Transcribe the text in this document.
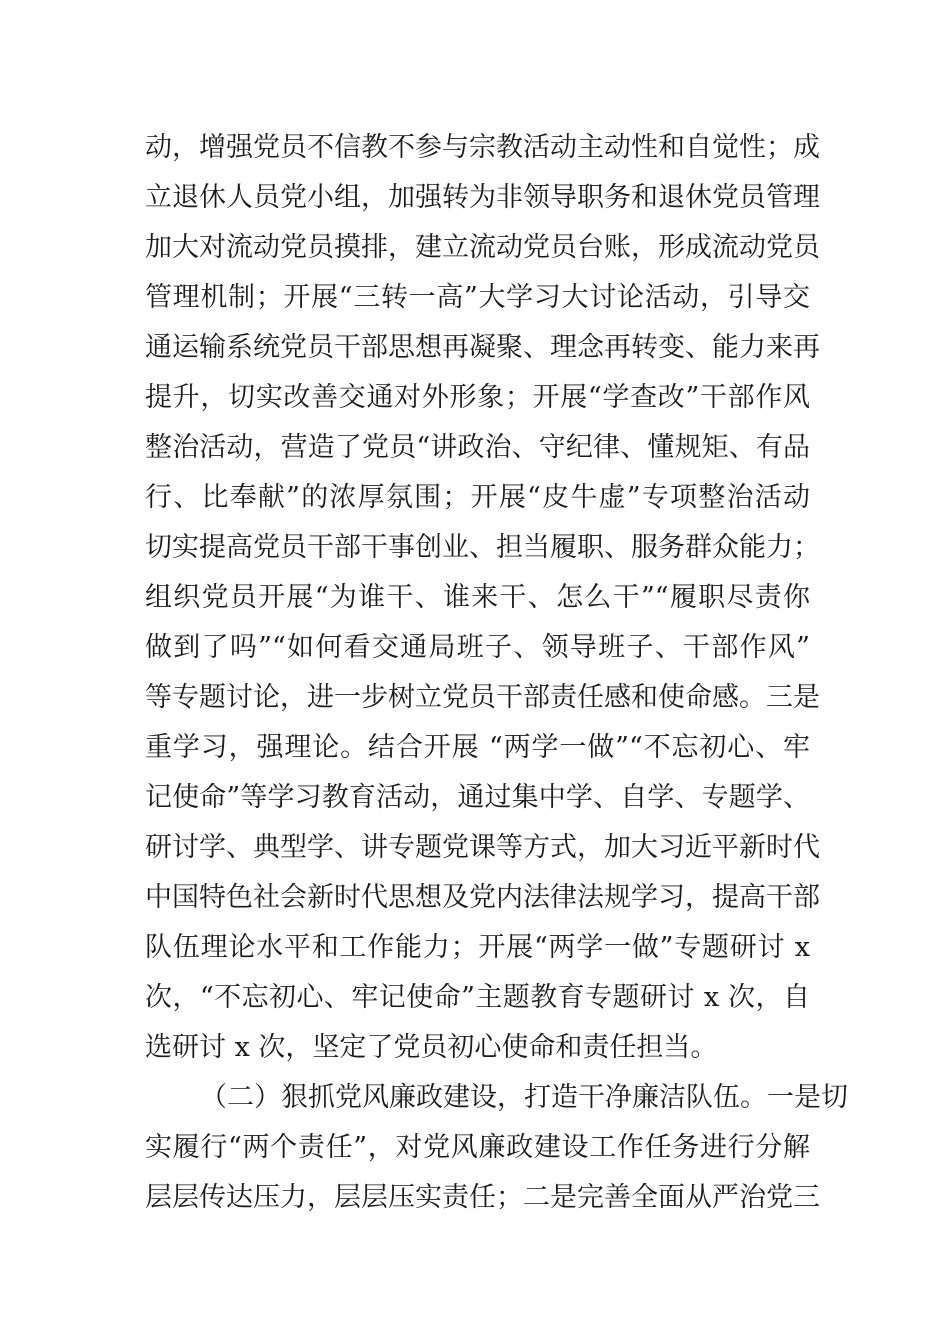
动，增强党员不信教不参与宗教活动主动性和自觉性；成
立退休人员党小组，加强转为非领导职务和退休党员管理
加大对流动党员摸排，建立流动党员台账，形成流动党员
管理机制；开展“三转一高”大学习大讨论活动，引导交
通运输系统党员干部思想再凝聚、理念再转变、能力来再
提升，切实改善交通对外形象；开展“学查改”干部作风
整治活动，营造了党员“讲政治、守纪律、懂规矩、有品
行、比奉献”的浓厚氛围；开展“皮牛虚”专项整治活动
切实提高党员干部干事创业、担当履职、服务群众能力；
组织党员开展“为谁干、谁来干、怎么干”“履职尽责你
做到了吗”“如何看交通局班子、领导班子、干部作风”
等专题讨论，进一步树立党员干部责任感和使命感。三是
重学习，强理论。结合开展 “两学一做”“不忘初心、牢
记使命”等学习教育活动，通过集中学、自学、专题学、
研讨学、典型学、讲专题党课等方式，加大习近平新时代
中国特色社会新时代思想及党内法律法规学习，提高干部
队伍理论水平和工作能力；开展“两学一做”专题研讨 x
次，“不忘初心、牢记使命”主题教育专题研讨 x 次，自
选研讨 x 次，坚定了党员初心使命和责任担当。
（二）狠抓党风廉政建设，打造干净廉洁队伍。一是切
实履行“两个责任”，对党风廉政建设工作任务进行分解
层层传达压力，层层压实责任；二是完善全面从严治党三
